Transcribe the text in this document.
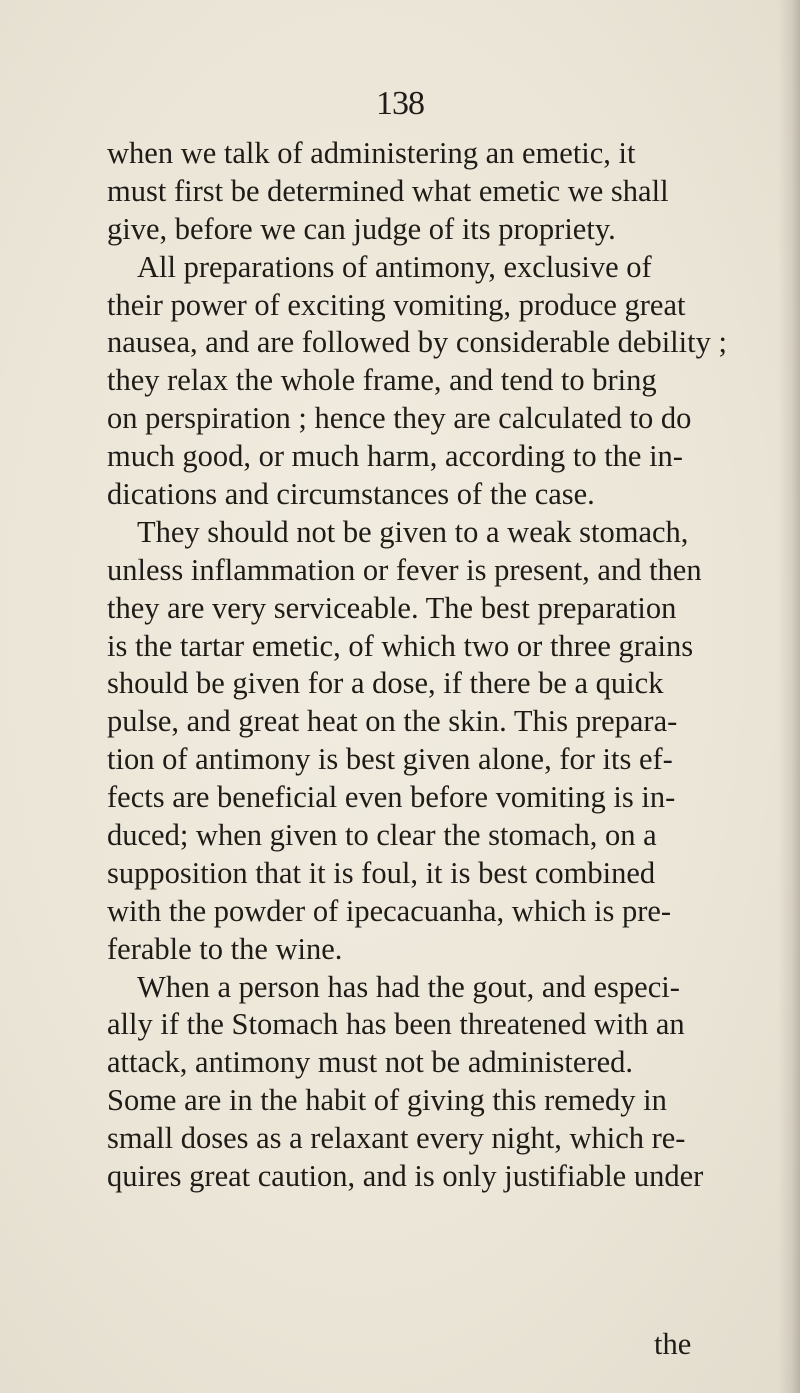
138
when we talk of administering an emetic, it
must first be determined what emetic we shall
give, before we can judge of its propriety.
All preparations of antimony, exclusive of
their power of exciting vomiting, produce great
nausea, and are followed by considerable debility ;
they relax the whole frame, and tend to bring
on perspiration ; hence they are calculated to do
much good, or much harm, according to the in-
dications and circumstances of the case.
They should not be given to a weak stomach,
unless inflammation or fever is present, and then
they are very serviceable. The best preparation
is the tartar emetic, of which two or three grains
should be given for a dose, if there be a quick
pulse, and great heat on the skin. This prepara-
tion of antimony is best given alone, for its ef-
fects are beneficial even before vomiting is in-
duced; when given to clear the stomach, on a
supposition that it is foul, it is best combined
with the powder of ipecacuanha, which is pre-
ferable to the wine.
When a person has had the gout, and especi-
ally if the Stomach has been threatened with an
attack, antimony must not be administered.
Some are in the habit of giving this remedy in
small doses as a relaxant every night, which re-
quires great caution, and is only justifiable under
the
